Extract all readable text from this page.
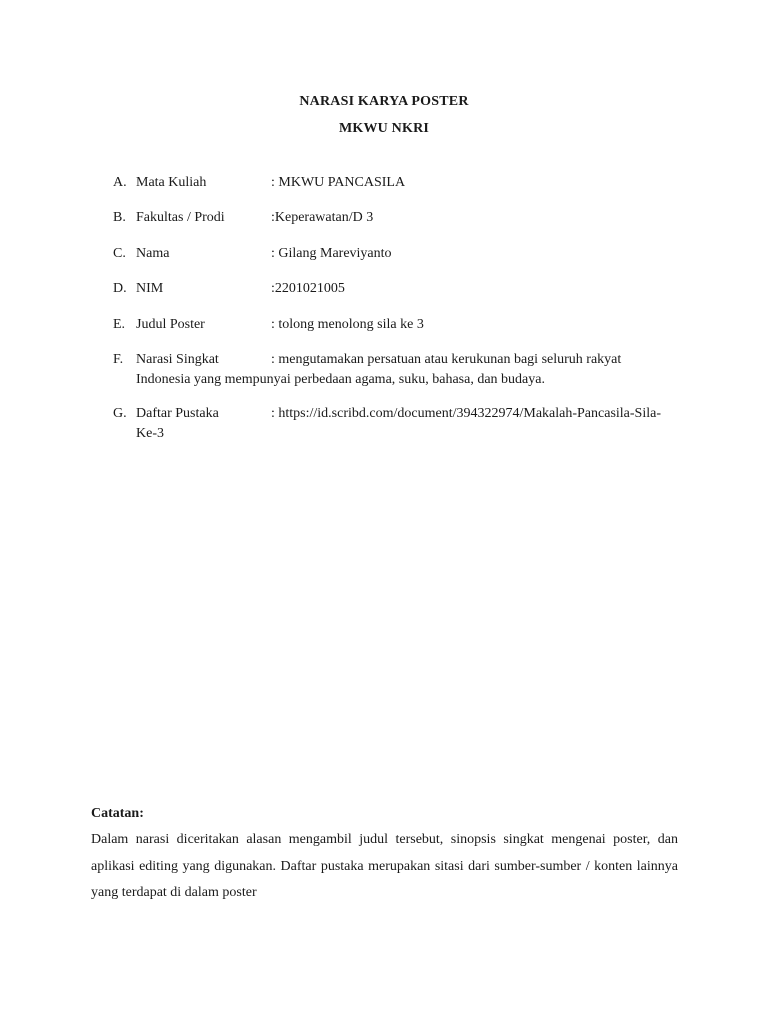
NARASI KARYA POSTER
MKWU NKRI
A. Mata Kuliah	: MKWU PANCASILA
B. Fakultas / Prodi	:Keperawatan/D 3
C. Nama	: Gilang Mareviyanto
D. NIM	:2201021005
E. Judul Poster	: tolong menolong sila ke 3
F. Narasi Singkat	: mengutamakan persatuan atau kerukunan bagi seluruh rakyat Indonesia yang mempunyai perbedaan agama, suku, bahasa, dan budaya.
G. Daftar Pustaka	: https://id.scribd.com/document/394322974/Makalah-Pancasila-Sila-Ke-3
Catatan:
Dalam narasi diceritakan alasan mengambil judul tersebut, sinopsis singkat mengenai poster, dan aplikasi editing yang digunakan. Daftar pustaka merupakan sitasi dari sumber-sumber / konten lainnya yang terdapat di dalam poster
